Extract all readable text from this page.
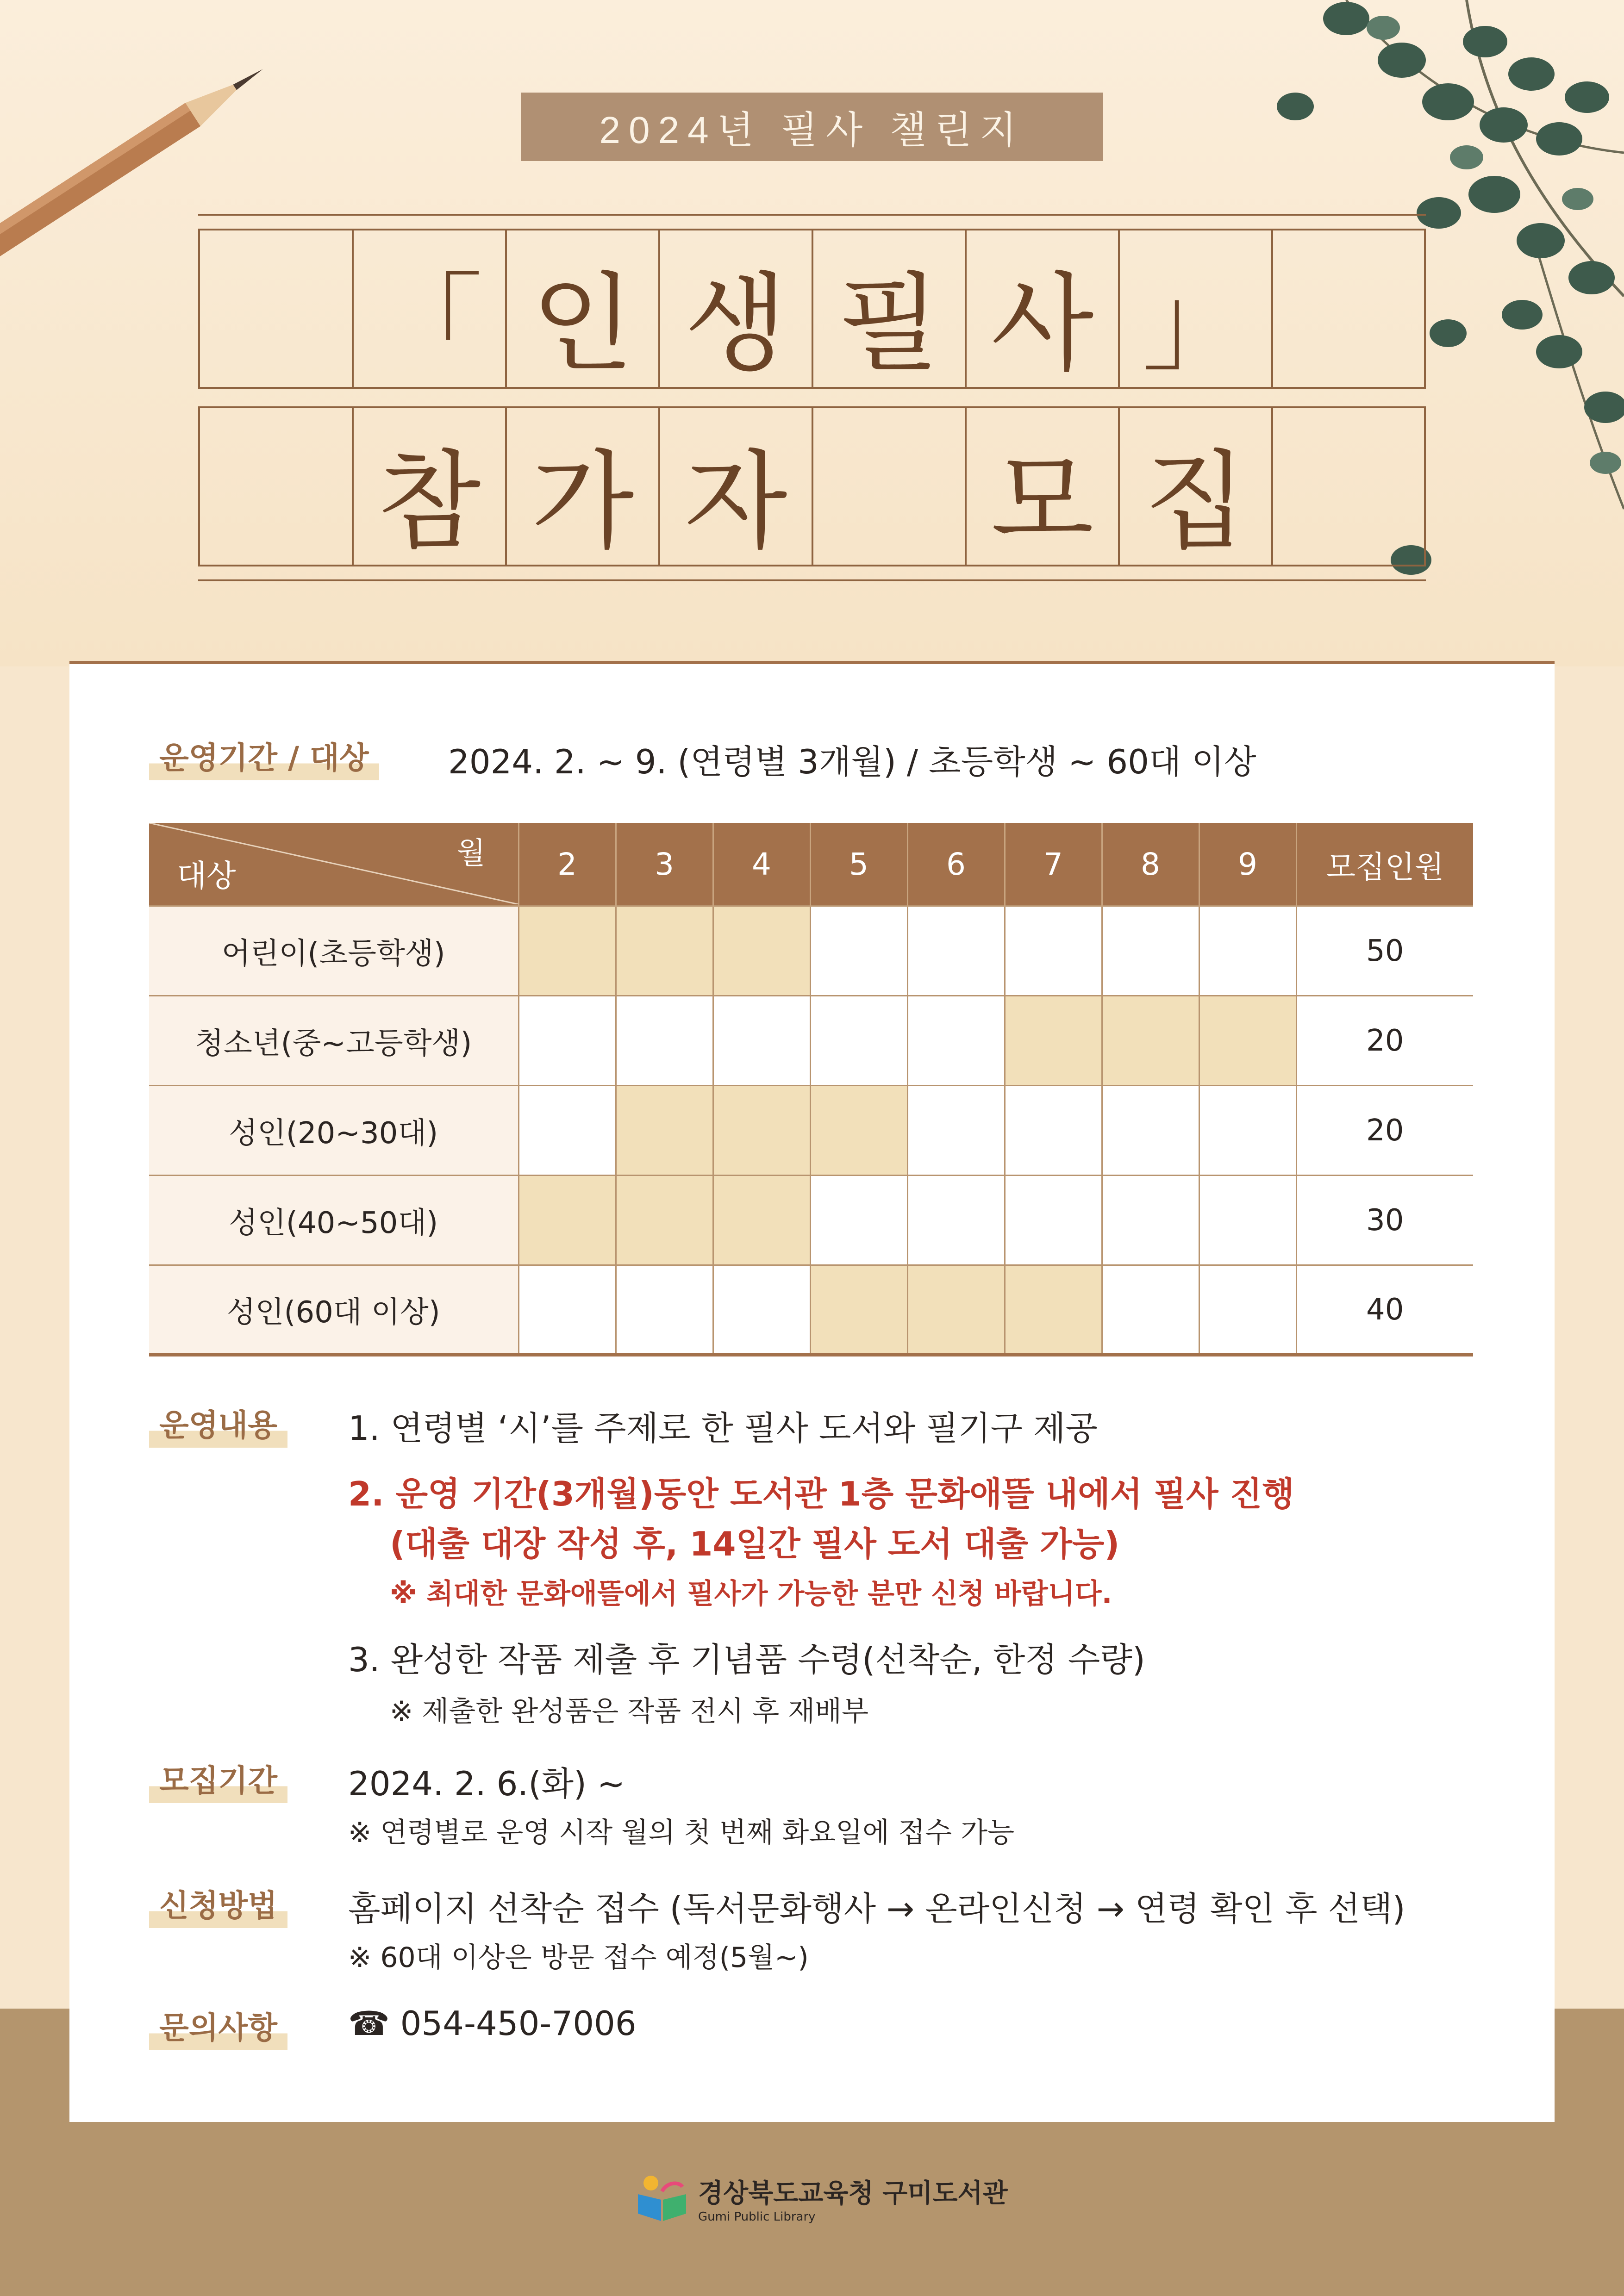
2024년 필사 챌린지
「 인 생 필 사 」
참 가 자 모 집
운영기간 / 대상	2024. 2. ~ 9. (연령별 3개월) / 초등학생 ~ 60대 이상
월
대상	2	3	4	5	6	7	8	9	모집인원
어린이(초등학생)									50
청소년(중~고등학생)									20
성인(20~30대)									20
성인(40~50대)									30
성인(60대 이상)									40
운영내용	1. 연령별 ‘시’를 주제로 한 필사 도서와 필기구 제공
2. 운영 기간(3개월)동안 도서관 1층 문화애뜰 내에서 필사 진행
(대출 대장 작성 후, 14일간 필사 도서 대출 가능)
※ 최대한 문화애뜰에서 필사가 가능한 분만 신청 바랍니다.
3. 완성한 작품 제출 후 기념품 수령(선착순, 한정 수량)
※ 제출한 완성품은 작품 전시 후 재배부
모집기간	2024. 2. 6.(화) ~
※ 연령별로 운영 시작 월의 첫 번째 화요일에 접수 가능
신청방법	홈페이지 선착순 접수 (독서문화행사 → 온라인신청 → 연령 확인 후 선택)
※ 60대 이상은 방문 접수 예정(5월~)
문의사항	☎ 054-450-7006
경상북도교육청 구미도서관
Gumi Public Library
